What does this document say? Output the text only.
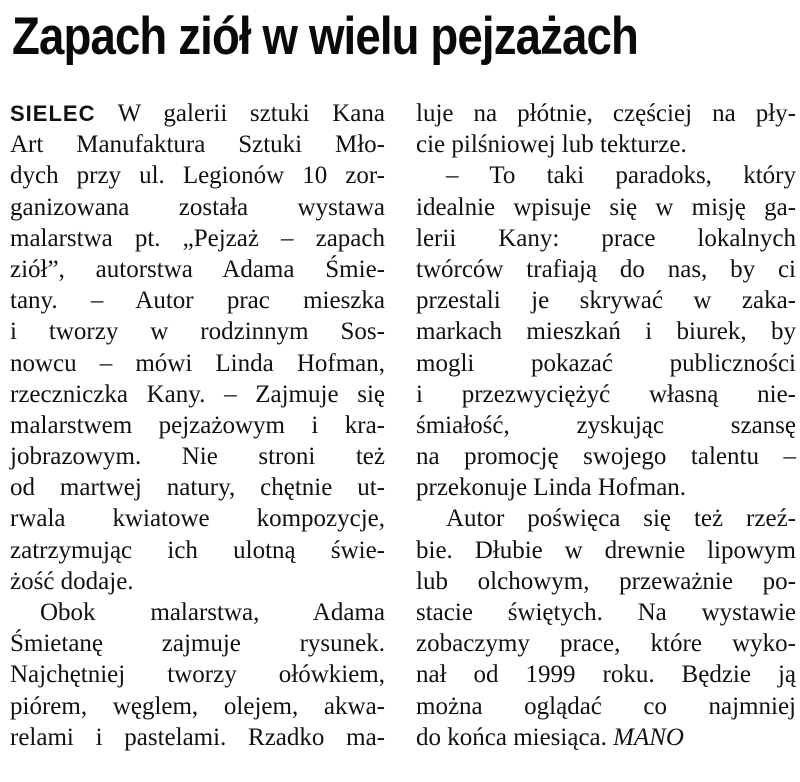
Zapach ziół w wielu pejzażach
SIELEC W galerii sztuki Kana
Art Manufaktura Sztuki Mło-
dych przy ul. Legionów 10 zor-
ganizowana została wystawa
malarstwa pt. „Pejzaż – zapach
ziół”, autorstwa Adama Śmie-
tany. – Autor prac mieszka
i tworzy w rodzinnym Sos-
nowcu – mówi Linda Hofman,
rzeczniczka Kany. – Zajmuje się
malarstwem pejzażowym i kra-
jobrazowym. Nie stroni też
od martwej natury, chętnie ut-
rwala kwiatowe kompozycje,
zatrzymując ich ulotną świe-
żość dodaje.
Obok malarstwa, Adama
Śmietanę zajmuje rysunek.
Najchętniej tworzy ołówkiem,
piórem, węglem, olejem, akwa-
relami i pastelami. Rzadko ma-
luje na płótnie, częściej na pły-
cie pilśniowej lub tekturze.
– To taki paradoks, który
idealnie wpisuje się w misję ga-
lerii Kany: prace lokalnych
twórców trafiają do nas, by ci
przestali je skrywać w zaka-
markach mieszkań i biurek, by
mogli pokazać publiczności
i przezwyciężyć własną nie-
śmiałość, zyskując szansę
na promocję swojego talentu –
przekonuje Linda Hofman.
Autor poświęca się też rzeź-
bie. Dłubie w drewnie lipowym
lub olchowym, przeważnie po-
stacie świętych. Na wystawie
zobaczymy prace, które wyko-
nał od 1999 roku. Będzie ją
można oglądać co najmniej
do końca miesiąca. MANO
